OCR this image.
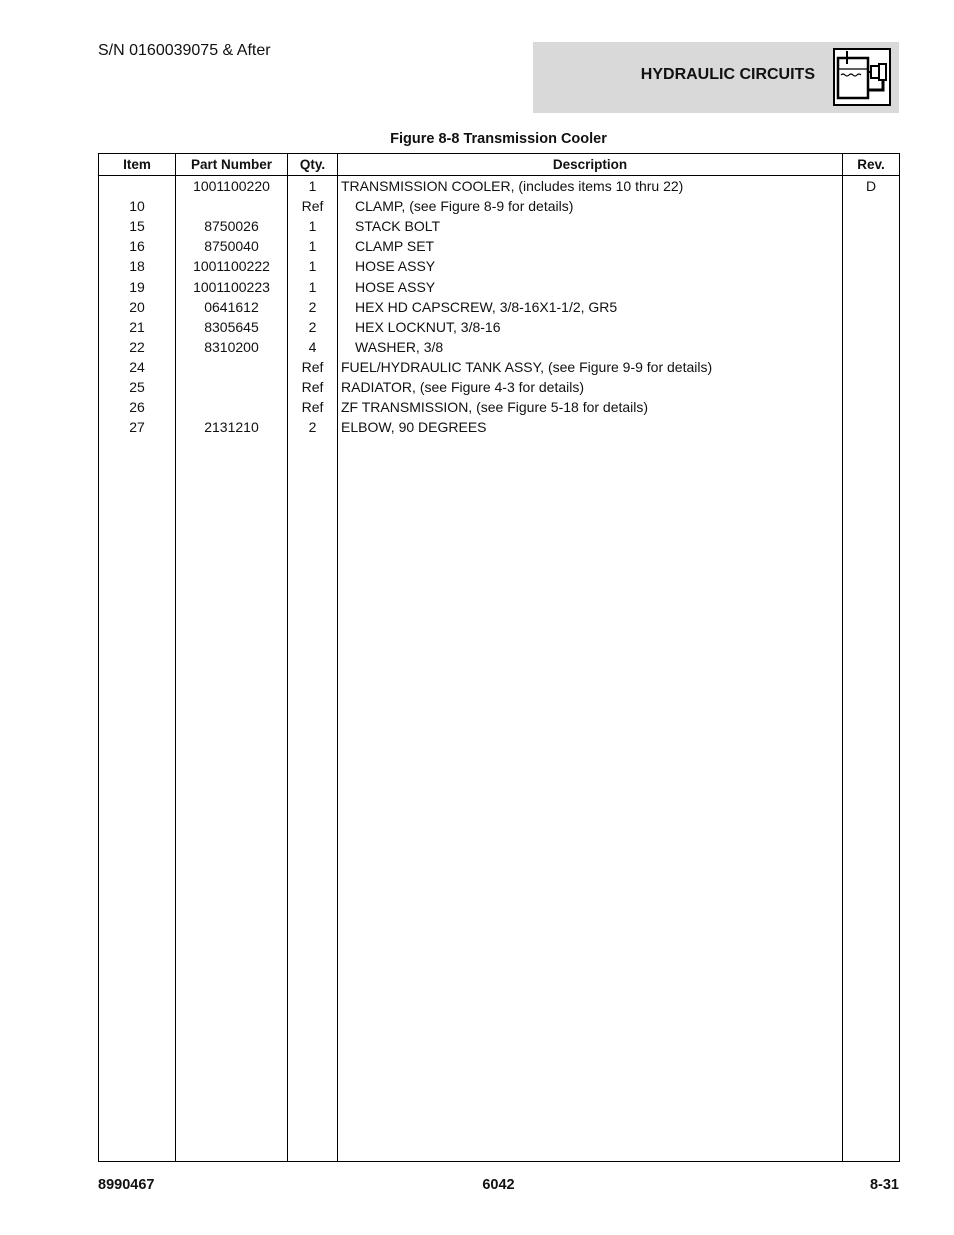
S/N 0160039075 & After
HYDRAULIC CIRCUITS
Figure 8-8 Transmission Cooler
Item	Part Number	Qty.	Description	Rev.
	1001100220	1	TRANSMISSION COOLER, (includes items 10 thru 22)	D
10		Ref	CLAMP, (see Figure 8-9 for details)	
15	8750026	1	STACK BOLT	
16	8750040	1	CLAMP SET	
18	1001100222	1	HOSE ASSY	
19	1001100223	1	HOSE ASSY	
20	0641612	2	HEX HD CAPSCREW, 3/8-16X1-1/2, GR5	
21	8305645	2	HEX LOCKNUT, 3/8-16	
22	8310200	4	WASHER, 3/8	
24		Ref	FUEL/HYDRAULIC TANK ASSY, (see Figure 9-9 for details)	
25		Ref	RADIATOR, (see Figure 4-3 for details)	
26		Ref	ZF TRANSMISSION, (see Figure 5-18 for details)	
27	2131210	2	ELBOW, 90 DEGREES	

8990467	6042	8-31
